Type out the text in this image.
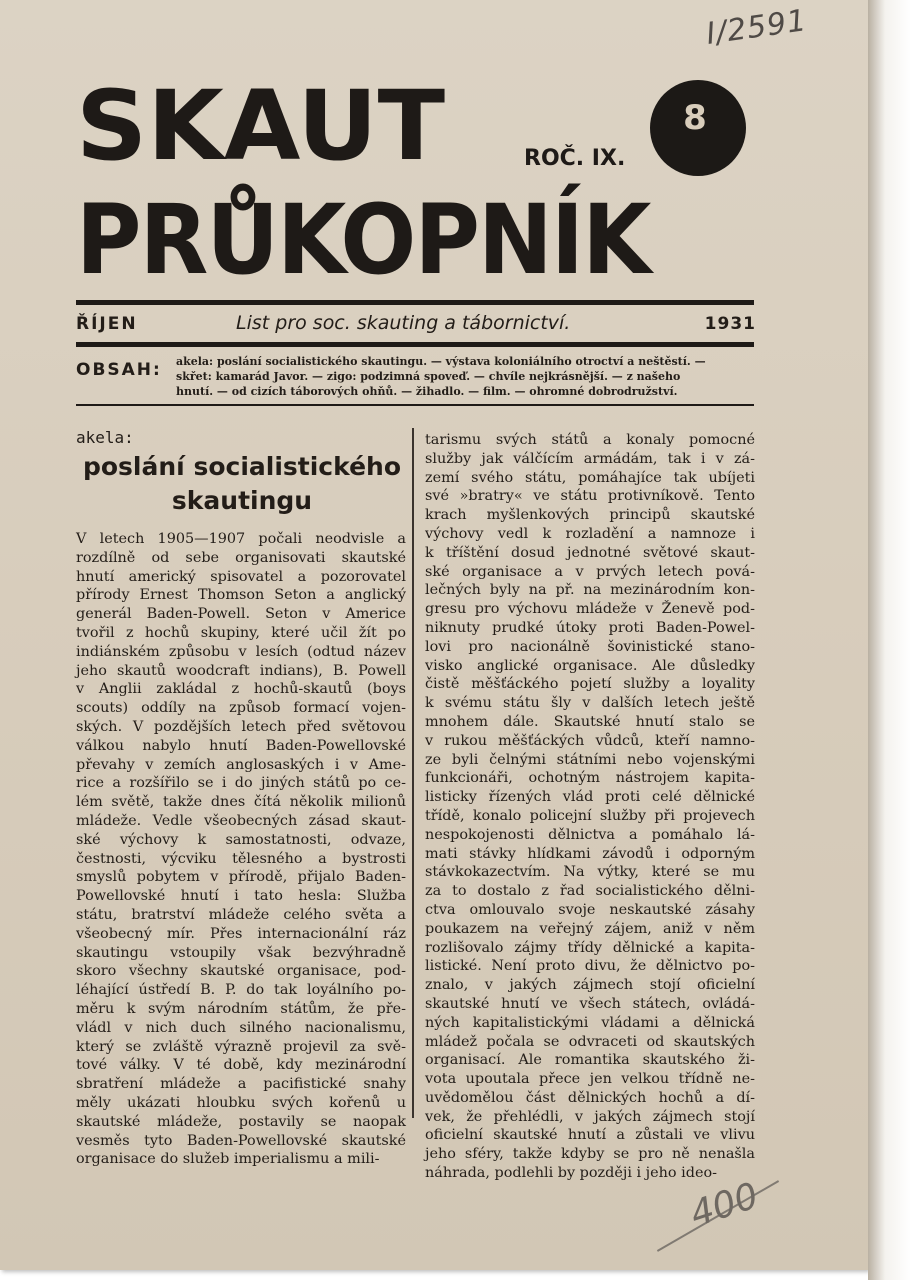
I/2591
SKAUT	ROČ. IX.
8
PRŮKOPNÍK
ŘÍJEN	List pro soc. skauting a tábornictví.	1931
OBSAH: akela: poslání socialistického skautingu. — výstava koloniálního otroctví a neštěstí. —
skřet: kamarád Javor. — zigo: podzimná spoveď. — chvíle nejkrásnější. — z našeho
hnutí. — od cizích táborových ohňů. — žihadlo. — film. — ohromné dobrodružství.
akela:
poslání socialistického skautingu
V letech 1905—1907 počali neodvisle a
rozdílně od sebe organisovati skautské
hnutí americký spisovatel a pozorovatel
přírody Ernest Thomson Seton a anglický
generál Baden-Powell. Seton v Americe
tvořil z hochů skupiny, které učil žít po
indiánském způsobu v lesích (odtud název
jeho skautů woodcraft indians), B. Powell
v Anglii zakládal z hochů-skautů (boys
scouts) oddíly na způsob formací vojen-
ských. V pozdějších letech před světovou
válkou nabylo hnutí Baden-Powellovské
převahy v zemích anglosaských i v Ame-
rice a rozšířilo se i do jiných států po ce-
lém světě, takže dnes čítá několik milionů
mládeže. Vedle všeobecných zásad skaut-
ské výchovy k samostatnosti, odvaze,
čestnosti, výcviku tělesného a bystrosti
smyslů pobytem v přírodě, přijalo Baden-
Powellovské hnutí i tato hesla: Služba
státu, bratrství mládeže celého světa a
všeobecný mír. Přes internacionální ráz
skautingu vstoupily však bezvýhradně
skoro všechny skautské organisace, pod-
léhající ústředí B. P. do tak loyálního po-
měru k svým národním státům, že pře-
vládl v nich duch silného nacionalismu,
který se zvláště výrazně projevil za svě-
tové války. V té době, kdy mezinárodní
sbratření mládeže a pacifistické snahy
měly ukázati hloubku svých kořenů u
skautské mládeže, postavily se naopak
vesměs tyto Baden-Powellovské skautské
organisace do služeb imperialismu a mili-
tarismu svých států a konaly pomocné
služby jak válčícím armádám, tak i v zá-
zemí svého státu, pomáhajíce tak ubíjeti
své »bratry« ve státu protivníkově. Tento
krach myšlenkových principů skautské
výchovy vedl k rozladění a namnoze i
k tříštění dosud jednotné světové skaut-
ské organisace a v prvých letech pová-
lečných byly na př. na mezinárodním kon-
gresu pro výchovu mládeže v Ženevě pod-
niknuty prudké útoky proti Baden-Powel-
lovi pro nacionálně šovinistické stano-
visko anglické organisace. Ale důsledky
čistě měšťáckého pojetí služby a loyality
k svému státu šly v dalších letech ještě
mnohem dále. Skautské hnutí stalo se
v rukou měšťáckých vůdců, kteří namno-
ze byli čelnými státními nebo vojenskými
funkcionáři, ochotným nástrojem kapita-
listicky řízených vlád proti celé dělnické
třídě, konalo policejní služby při projevech
nespokojenosti dělnictva a pomáhalo lá-
mati stávky hlídkami závodů i odporným
stávkokazectvím. Na výtky, které se mu
za to dostalo z řad socialistického dělni-
ctva omlouvalo svoje neskautské zásahy
poukazem na veřejný zájem, aniž v něm
rozlišovalo zájmy třídy dělnické a kapita-
listické. Není proto divu, že dělnictvo po-
znalo, v jakých zájmech stojí oficielní
skautské hnutí ve všech státech, ovládá-
ných kapitalistickými vládami a dělnická
mládež počala se odvraceti od skautských
organisací. Ale romantika skautského ži-
vota upoutala přece jen velkou třídně ne-
uvědomělou část dělnických hochů a dí-
vek, že přehlédli, v jakých zájmech stojí
oficielní skautské hnutí a zůstali ve vlivu
jeho sféry, takže kdyby se pro ně nenašla
náhrada, podlehli by později i jeho ideo-
400
